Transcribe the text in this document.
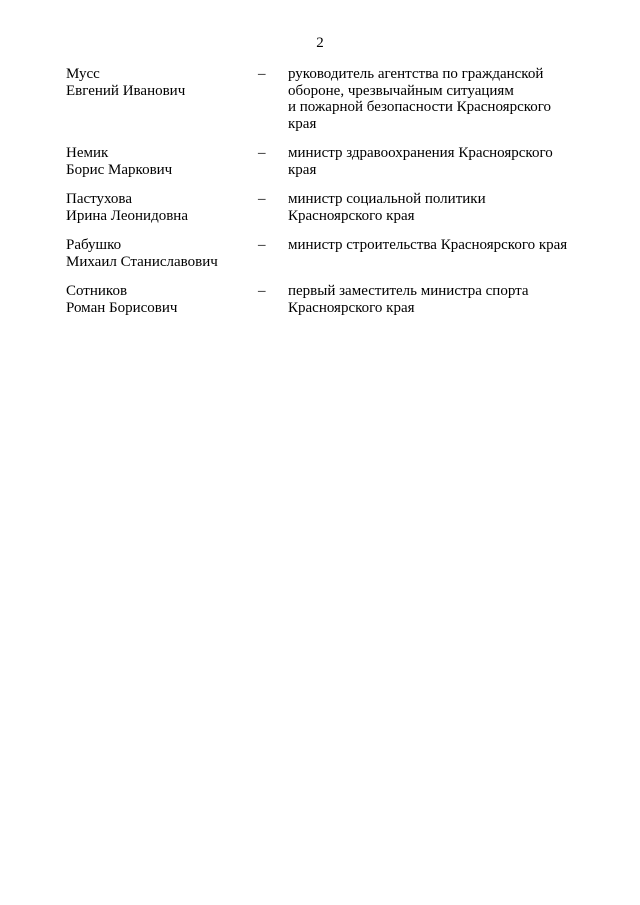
2
Мусс
Евгений Иванович
–	руководитель агентства по гражданской
обороне, чрезвычайным ситуациям
и пожарной безопасности Красноярского
края
Немик
Борис Маркович
–	министр здравоохранения Красноярского
края
Пастухова
Ирина Леонидовна
–	министр социальной политики
Красноярского края
Рабушко
Михаил Станиславович
–	министр строительства Красноярского края
Сотников
Роман Борисович
–	первый заместитель министра спорта
Красноярского края
